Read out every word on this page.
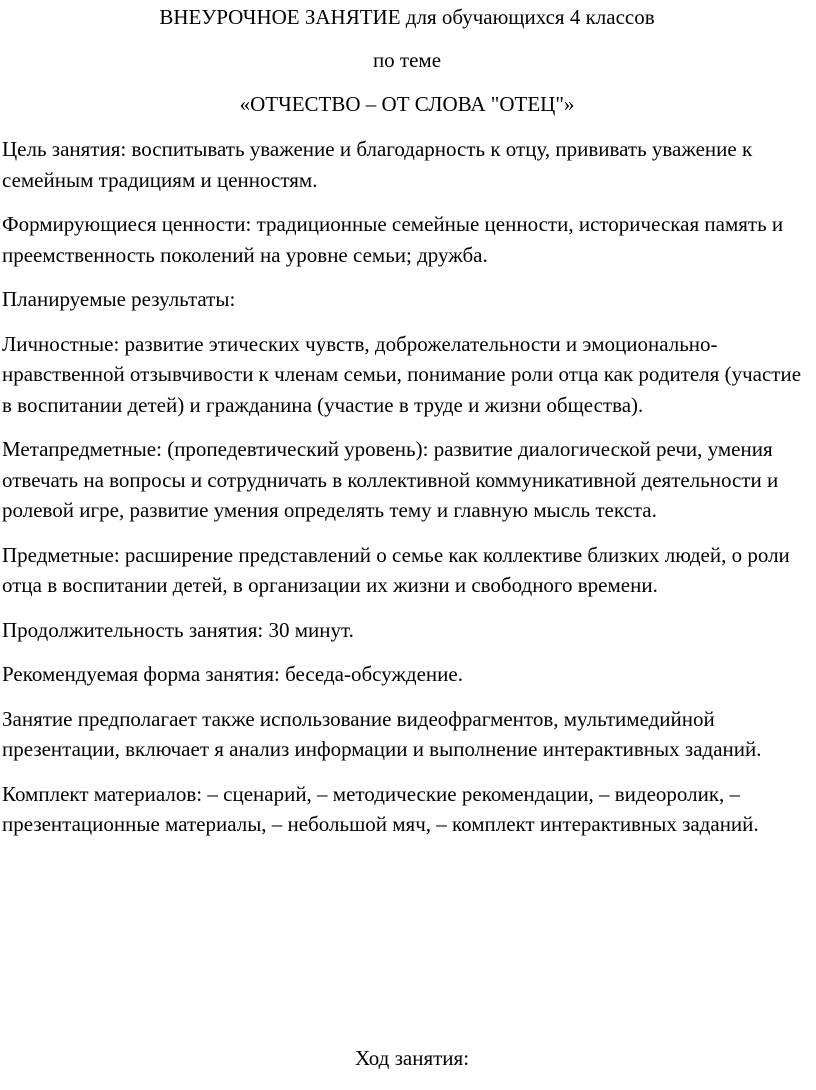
ВНЕУРОЧНОЕ ЗАНЯТИЕ для обучающихся 4 классов

по теме

«ОТЧЕСТВО – ОТ СЛОВА "ОТЕЦ"»

Цель занятия: воспитывать уважение и благодарность к отцу, прививать уважение к семейным традициям и ценностям.

Формирующиеся ценности: традиционные семейные ценности, историческая память и преемственность поколений на уровне семьи; дружба.

Планируемые результаты:

Личностные: развитие этических чувств, доброжелательности и эмоционально-нравственной отзывчивости к членам семьи, понимание роли отца как родителя (участие в воспитании детей) и гражданина (участие в труде и жизни общества).

Метапредметные: (пропедевтический уровень): развитие диалогической речи, умения отвечать на вопросы и сотрудничать в коллективной коммуникативной деятельности и ролевой игре, развитие умения определять тему и главную мысль текста.

Предметные: расширение представлений о семье как коллективе близких людей, о роли отца в воспитании детей, в организации их жизни и свободного времени.

Продолжительность занятия: 30 минут.

Рекомендуемая форма занятия: беседа-обсуждение.

Занятие предполагает также использование видеофрагментов, мультимедийной презентации, включает я анализ информации и выполнение интерактивных заданий.

Комплект материалов: – сценарий, – методические рекомендации, – видеоролик, – презентационные материалы, – небольшой мяч, – комплект интерактивных заданий.

Ход занятия:
